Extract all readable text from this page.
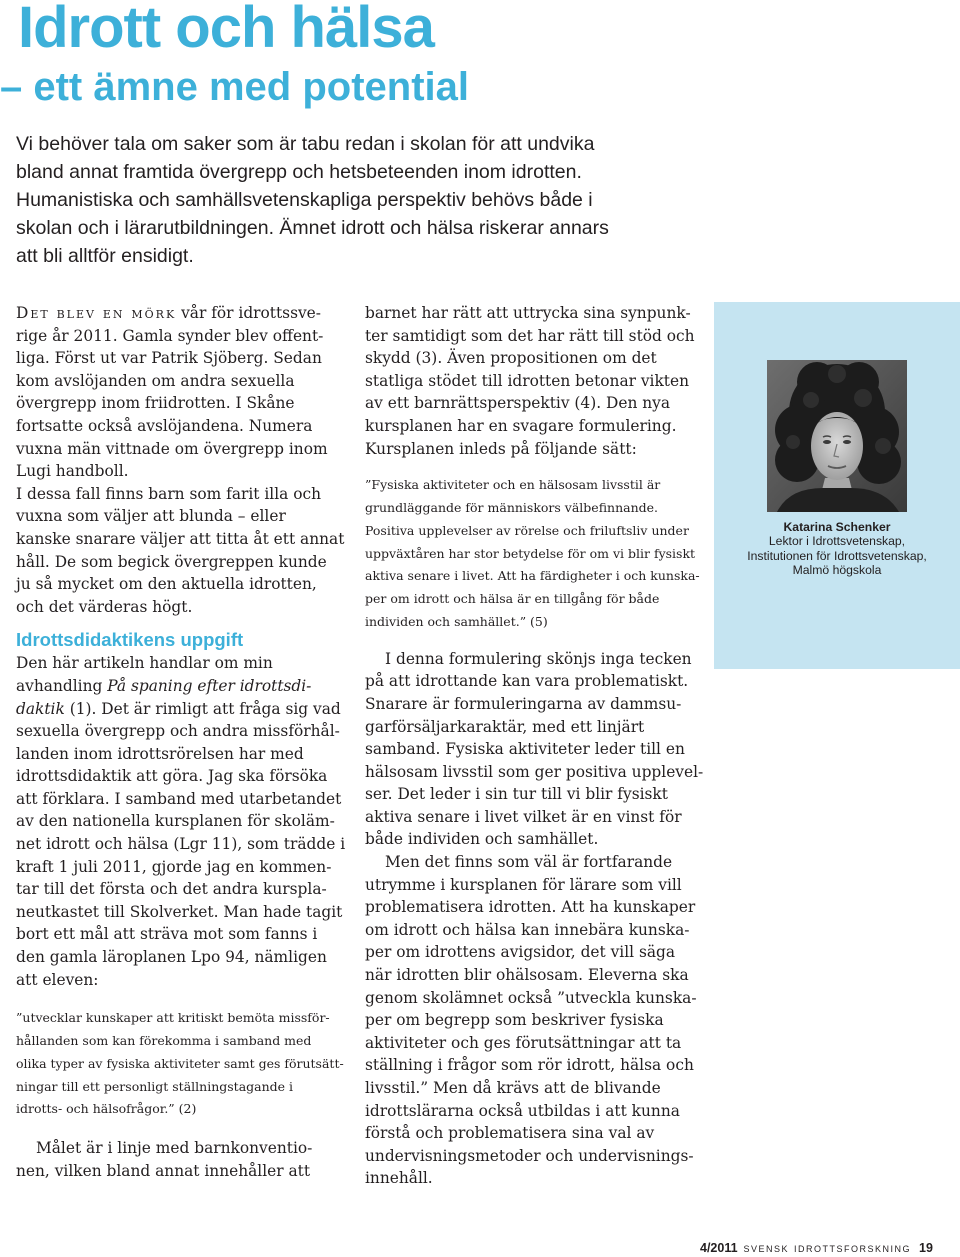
Idrott och hälsa
– ett ämne med potential
Vi behöver tala om saker som är tabu redan i skolan för att undvika
bland annat framtida övergrepp och hetsbeteenden inom idrotten.
Humanistiska och samhällsvetenskapliga perspektiv behövs både i
skolan och i lärarutbildningen. Ämnet idrott och hälsa riskerar annars
att bli alltför ensidigt.
Det blev en mörk vår för idrottssve-
rige år 2011. Gamla synder blev offent-
liga. Först ut var Patrik Sjöberg. Sedan
kom avslöjanden om andra sexuella
övergrepp inom friidrotten. I Skåne
fortsatte också avslöjandena. Numera
vuxna män vittnade om övergrepp inom
Lugi handboll.
I dessa fall finns barn som farit illa och
vuxna som väljer att blunda – eller
kanske snarare väljer att titta åt ett annat
håll. De som begick övergreppen kunde
ju så mycket om den aktuella idrotten,
och det värderas högt.
Idrottsdidaktikens uppgift
Den här artikeln handlar om min
avhandling På spaning efter idrottsdi-
daktik (1). Det är rimligt att fråga sig vad
sexuella övergrepp och andra missförhål-
landen inom idrottsrörelsen har med
idrottsdidaktik att göra. Jag ska försöka
att förklara. I samband med utarbetandet
av den nationella kursplanen för skoläm-
net idrott och hälsa (Lgr 11), som trädde i
kraft 1 juli 2011, gjorde jag en kommen-
tar till det första och det andra kurspla-
neutkastet till Skolverket. Man hade tagit
bort ett mål att sträva mot som fanns i
den gamla läroplanen Lpo 94, nämligen
att eleven:
”utvecklar kunskaper att kritiskt bemöta missför-
hållanden som kan förekomma i samband med
olika typer av fysiska aktiviteter samt ges förutsätt-
ningar till ett personligt ställningstagande i
idrotts- och hälsofrågor.” (2)
Målet är i linje med barnkonventio-
nen, vilken bland annat innehåller att
barnet har rätt att uttrycka sina synpunk-
ter samtidigt som det har rätt till stöd och
skydd (3). Även propositionen om det
statliga stödet till idrotten betonar vikten
av ett barnrättsperspektiv (4). Den nya
kursplanen har en svagare formulering.
Kursplanen inleds på följande sätt:
”Fysiska aktiviteter och en hälsosam livsstil är
grundläggande för människors välbefinnande.
Positiva upplevelser av rörelse och friluftsliv under
uppväxtåren har stor betydelse för om vi blir fysiskt
aktiva senare i livet. Att ha färdigheter i och kunska-
per om idrott och hälsa är en tillgång för både
individen och samhället.” (5)
I denna formulering skönjs inga tecken
på att idrottande kan vara problematiskt.
Snarare är formuleringarna av dammsu-
garförsäljarkaraktär, med ett linjärt
samband. Fysiska aktiviteter leder till en
hälsosam livsstil som ger positiva upplevel-
ser. Det leder i sin tur till vi blir fysiskt
aktiva senare i livet vilket är en vinst för
både individen och samhället.
Men det finns som väl är fortfarande
utrymme i kursplanen för lärare som vill
problematisera idrotten. Att ha kunskaper
om idrott och hälsa kan innebära kunska-
per om idrottens avigsidor, det vill säga
när idrotten blir ohälsosam. Eleverna ska
genom skolämnet också ”utveckla kunska-
per om begrepp som beskriver fysiska
aktiviteter och ges förutsättningar att ta
ställning i frågor som rör idrott, hälsa och
livsstil.” Men då krävs att de blivande
idrottslärarna också utbildas i att kunna
förstå och problematisera sina val av
undervisningsmetoder och undervisnings-
innehåll.
Katarina Schenker
Lektor i Idrottsvetenskap,
Institutionen för Idrottsvetenskap,
Malmö högskola
4/2011 svensk idrottsforskning 19
